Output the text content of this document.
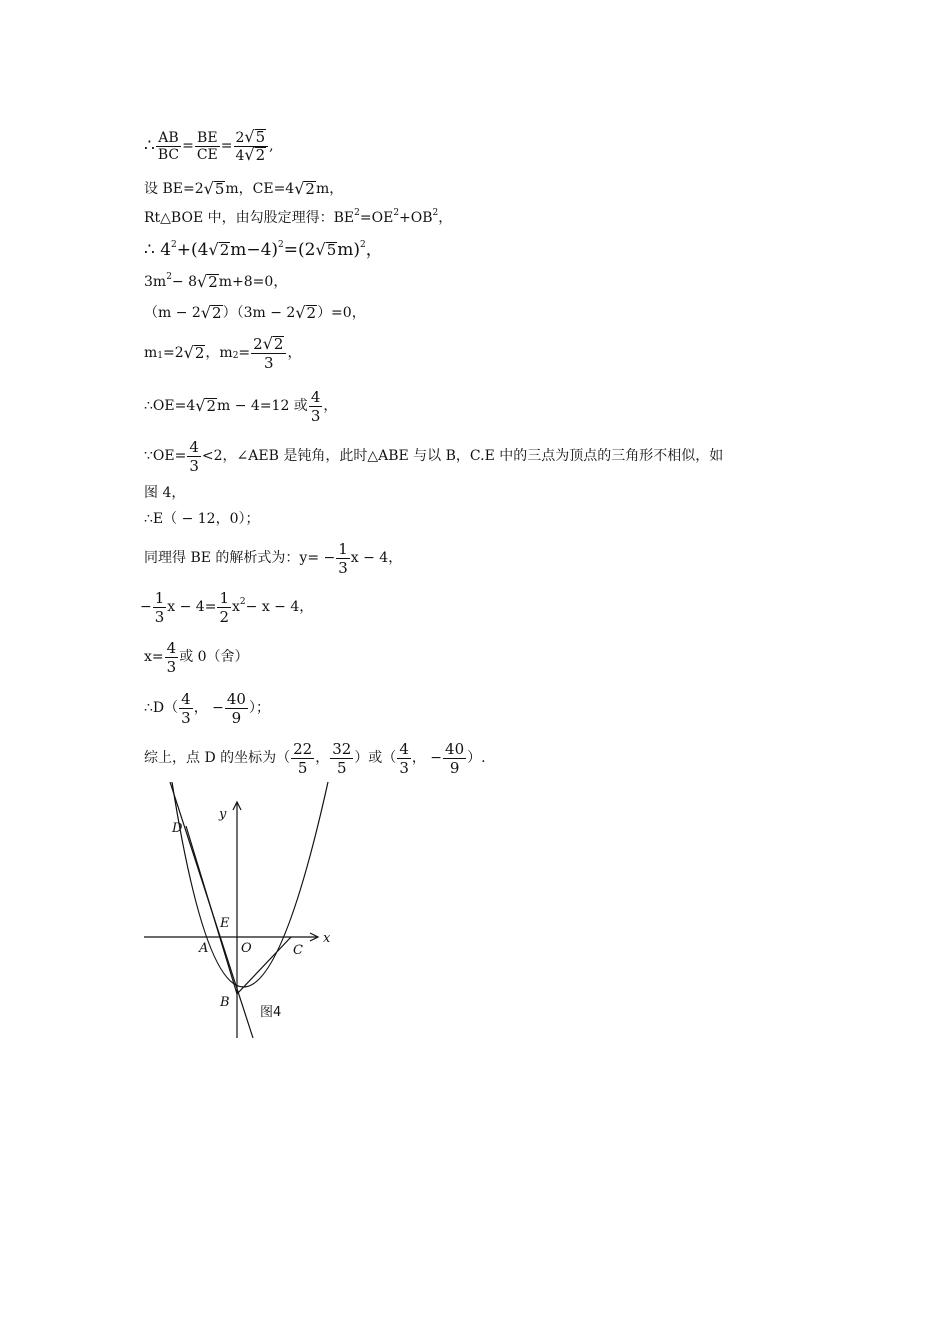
∴ $\frac{AB}{BC} = \frac{BE}{CE} = \frac{2 √ 5}{4 √ 2}$ ,
设 BE=2 √ 5 m，CE=4 √ 2 m，
Rt△BOE 中，由勾股定理得：$BE^2 =OE^2 +OB^2$ ，
∴ $4^2 +(4$ √ 2 m−4)$^2$ =(2 √ 5 m)$^2$ ，
$3m^2 - 8$ √ 2 m+8=0，
（m − 2 √ 2 ）（3m − 2 √ 2 ）=0，
$m_1 =2$ √ 2 ，$m_2 = \frac{2 √ 2}{3}$ ，
∴OE=4 √ 2 m − 4=12 或 $\frac{4}{3}$ ，
∵OE= $\frac{4}{3} <2$，∠AEB 是钝角，此时△ABE 与以 B，C.E 中的三点为顶点的三角形不相似，如
图 4，
∴E（ − 12，0）；
同理得 BE 的解析式为：$y= - \frac{1}{3}$ x − 4，
− $\frac{1}{3}$ $x - 4= \frac{1}{2} x^2 - x - 4$，
$x= \frac{4}{3}$ 或 0（舍）
∴D（ $\frac{4}{3}$ ， − $\frac{40}{9}$ ）；
综上，点 D 的坐标为（ $\frac{22}{5}$ ， $\frac{32}{5}$ ）或（ $\frac{4}{3}$ ， − $\frac{40}{9}$ ）.
D
y
E
A	O	C
x
B
图4
